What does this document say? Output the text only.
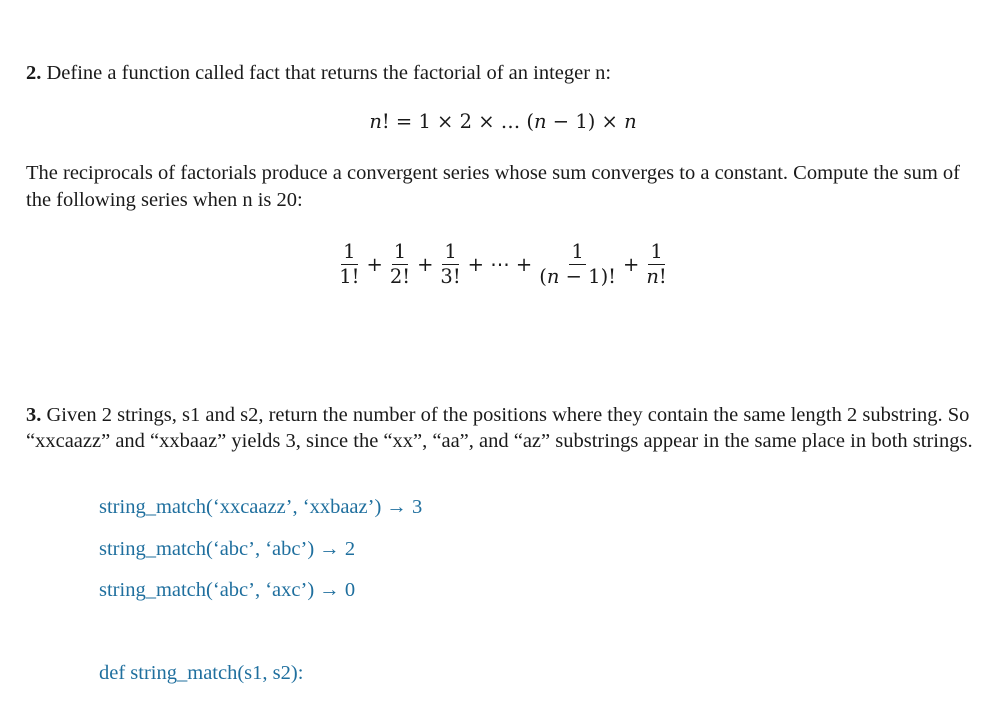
2. Define a function called fact that returns the factorial of an integer n:

n! = 1 × 2 × … (n − 1) × n

The reciprocals of factorials produce a convergent series whose sum converges to a constant. Compute the sum of the following series when n is 20:

$\frac{1}{1!} + \frac{1}{2!} + \frac{1}{3!}$ + ⋯ + $\frac{1}{(n - 1)!} + \frac{1}{n!}$

3. Given 2 strings, s1 and s2, return the number of the positions where they contain the same length 2 substring. So “xxcaazz” and “xxbaaz” yields 3, since the “xx”, “aa”, and “az” substrings appear in the same place in both strings.

string_match(‘xxcaazz’, ‘xxbaaz’) → 3
string_match(‘abc’, ‘abc’) → 2
string_match(‘abc’, ‘axc’) → 0
def string_match(s1, s2):
